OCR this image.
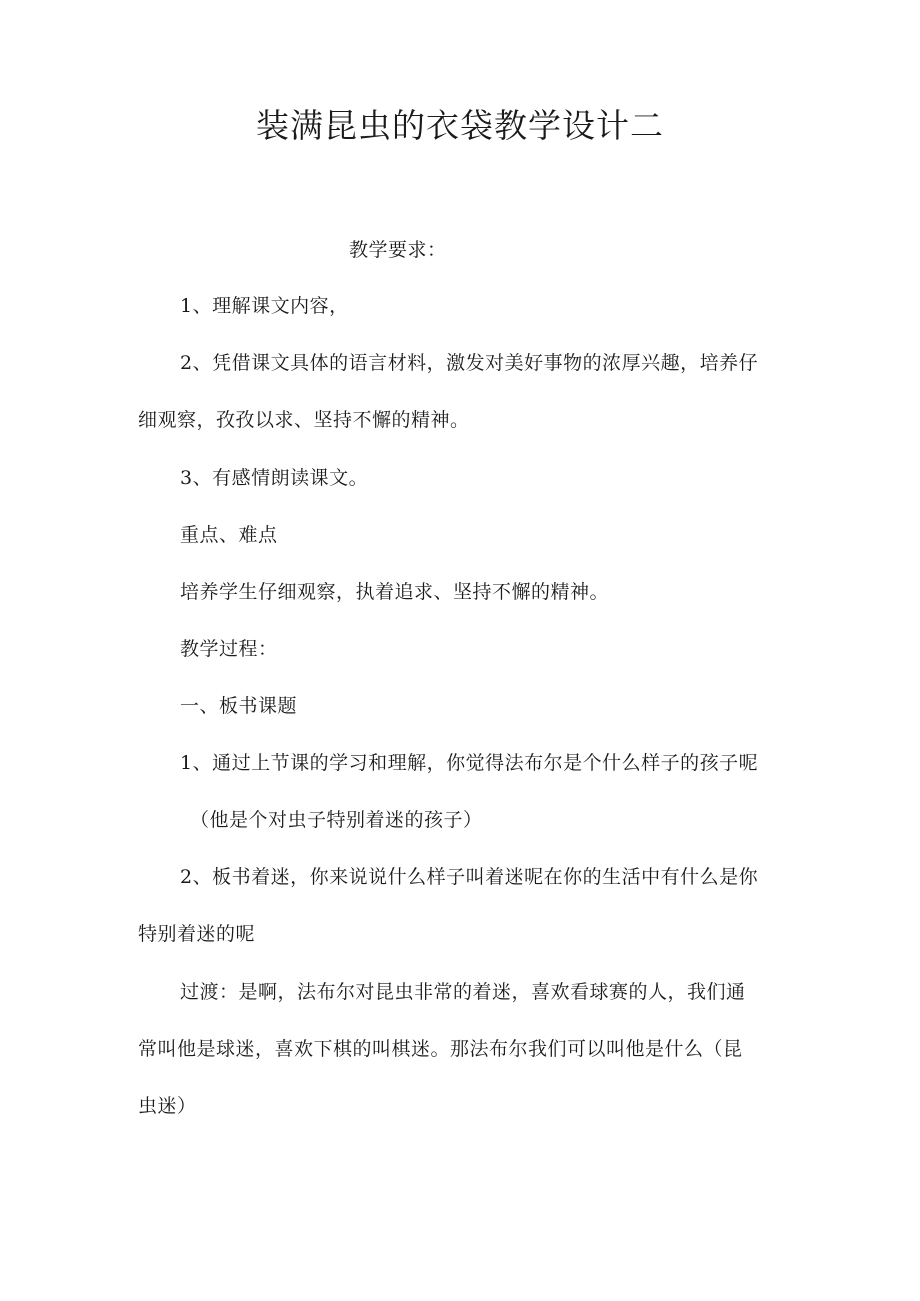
装满昆虫的衣袋教学设计二
教学要求：
1、理解课文内容，
2、凭借课文具体的语言材料，激发对美好事物的浓厚兴趣，培养仔
细观察，孜孜以求、坚持不懈的精神。
3、有感情朗读课文。
重点、难点
培养学生仔细观察，执着追求、坚持不懈的精神。
教学过程：
一、板书课题
1、通过上节课的学习和理解，你觉得法布尔是个什么样子的孩子呢
（他是个对虫子特别着迷的孩子）
2、板书着迷，你来说说什么样子叫着迷呢在你的生活中有什么是你
特别着迷的呢
过渡：是啊，法布尔对昆虫非常的着迷，喜欢看球赛的人，我们通
常叫他是球迷，喜欢下棋的叫棋迷。那法布尔我们可以叫他是什么（昆
虫迷）
